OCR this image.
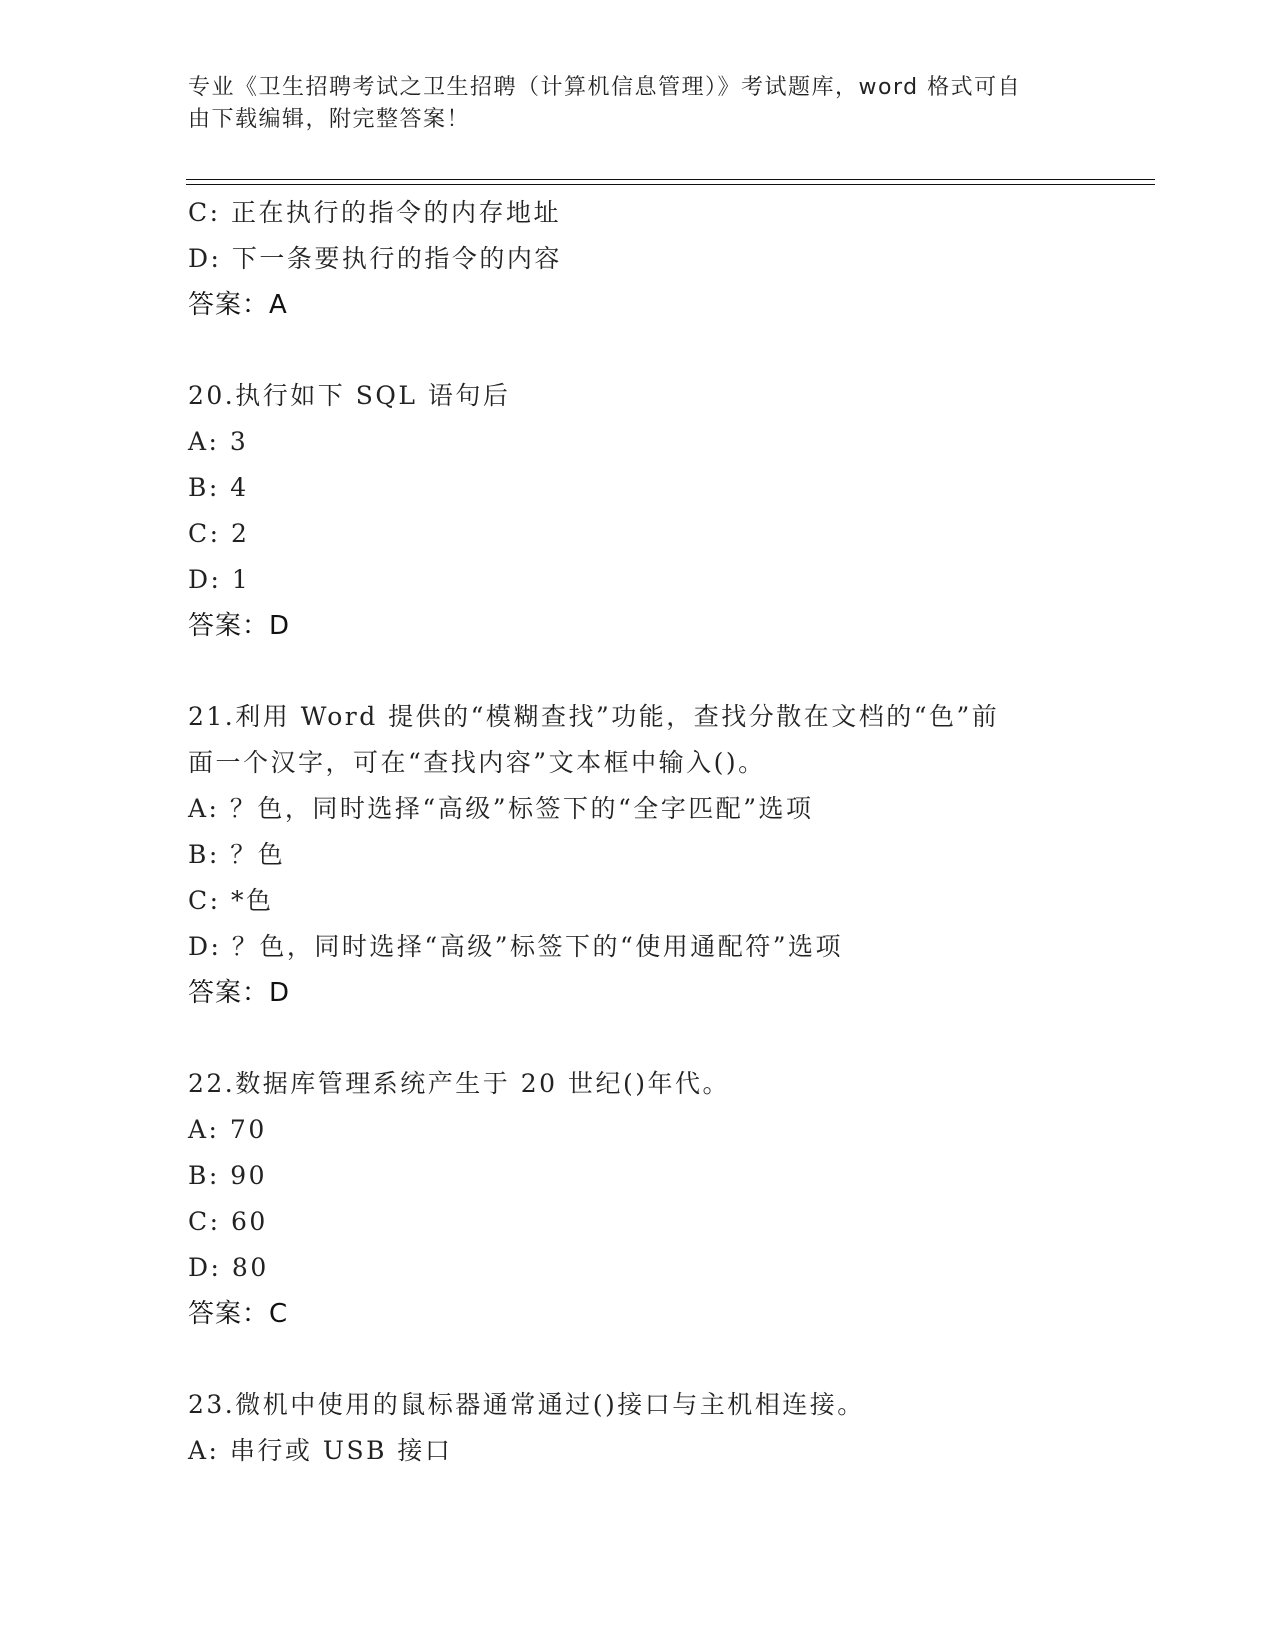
专业《卫生招聘考试之卫生招聘（计算机信息管理）》考试题库，word 格式可自
由下载编辑，附完整答案！
C: 正在执行的指令的内存地址
D: 下一条要执行的指令的内容
答案：A
20.执行如下 SQL 语句后
A: 3
B: 4
C: 2
D: 1
答案：D
21.利用 Word 提供的“模糊查找”功能，查找分散在文档的“色”前
面一个汉字，可在“查找内容”文本框中输入()。
A: ？色，同时选择“高级”标签下的“全字匹配”选项
B: ？色
C: *色
D: ？色，同时选择“高级”标签下的“使用通配符”选项
答案：D
22.数据库管理系统产生于 20 世纪()年代。
A: 70
B: 90
C: 60
D: 80
答案：C
23.微机中使用的鼠标器通常通过()接口与主机相连接。
A: 串行或 USB 接口
